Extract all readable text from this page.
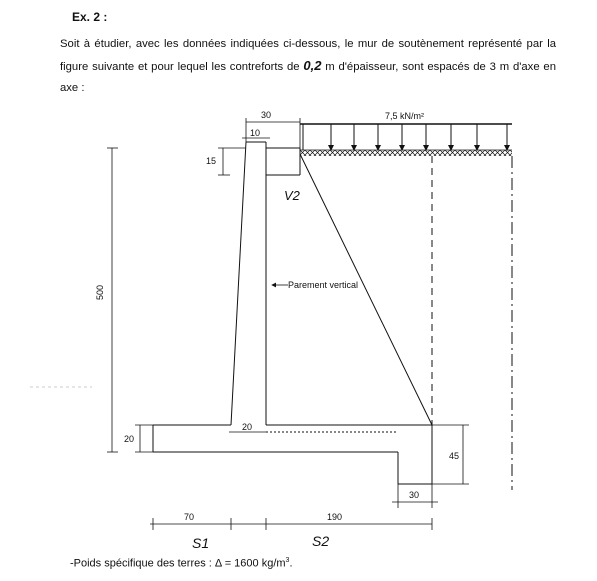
Ex. 2 :
Soit à étudier, avec les données indiquées ci-dessous, le mur de soutènement représenté par la figure suivante et pour lequel les contreforts de 0,2 m d'épaisseur, sont espacés de 3 m d'axe en axe :
7,5 kN/m²
30
10
15
500
20
20
45
30
70	190
Parement vertical
S1	S2
V2
-Poids spécifique des terres : Δ = 1600 $kg/m^3$.
